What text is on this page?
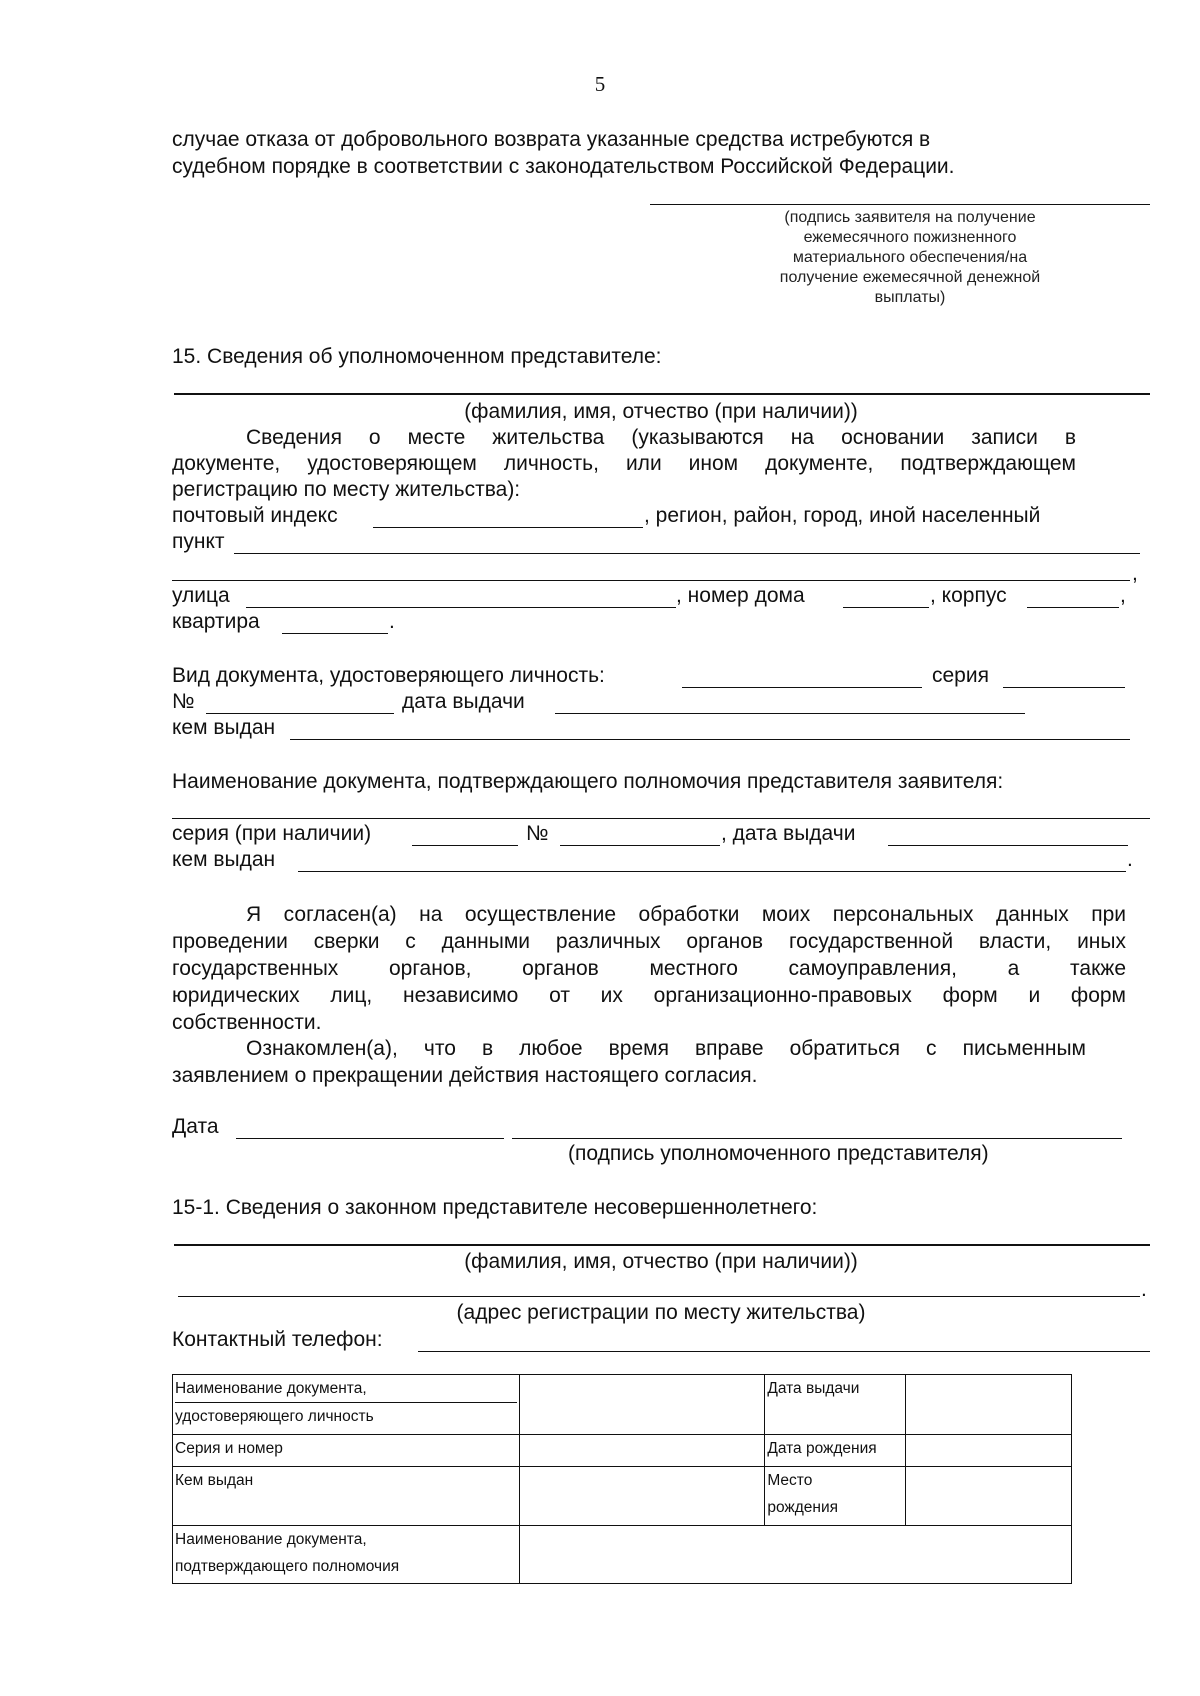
5
случае отказа от добровольного возврата указанные средства истребуются в
судебном порядке в соответствии с законодательством Российской Федерации.
(подпись заявителя на получение
ежемесячного пожизненного
материального обеспечения/на
получение ежемесячной денежной
выплаты)
15. Сведения об уполномоченном представителе:
(фамилия, имя, отчество (при наличии))
Сведения о месте жительства (указываются на основании записи в
документе, удостоверяющем личность, или ином документе, подтверждающем
регистрацию по месту жительства):
почтовый индекс	, регион, район, город, иной населенный
пункт
,
улица	, номер дома	, корпус	,
квартира	.
Вид документа, удостоверяющего личность:	серия
№	дата выдачи
кем выдан
Наименование документа, подтверждающего полномочия представителя заявителя:
серия (при наличии)	№	, дата выдачи
кем выдан	.
Я согласен(а) на осуществление обработки моих персональных данных при
проведении сверки с данными различных органов государственной власти, иных
государственных органов, органов местного самоуправления, а также
юридических лиц, независимо от их организационно-правовых форм и форм
собственности.
Ознакомлен(а), что в любое время вправе обратиться с письменным
заявлением о прекращении действия настоящего согласия.
Дата
(подпись уполномоченного представителя)
15-1. Сведения о законном представителе несовершеннолетнего:
(фамилия, имя, отчество (при наличии))
.
(адрес регистрации по месту жительства)
Контактный телефон:
Наименование документа,
удостоверяющего личность		Дата выдачи	

Серия и номер		Дата рождения	

Кем выдан		Место
рождения	

Наименование документа,
подтверждающего полномочия			
